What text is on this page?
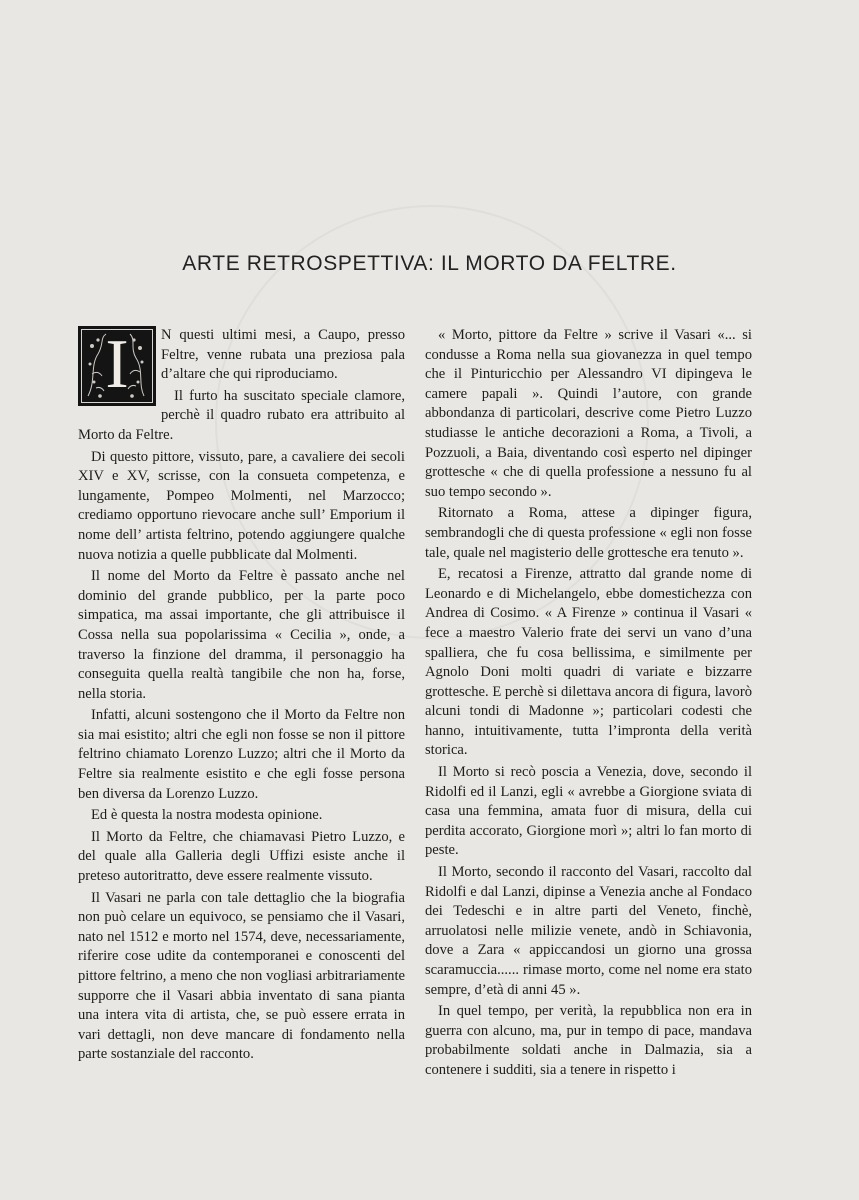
ARTE RETROSPETTIVA: IL MORTO DA FELTRE.
I	N questi ultimi mesi, a Caupo, presso Feltre, venne rubata una preziosa pala d’altare che qui riproduciamo.

Il furto ha suscitato speciale clamore, perchè il quadro rubato era attribuito al Morto da Feltre.

Di questo pittore, vissuto, pare, a cavaliere dei secoli XIV e XV, scrisse, con la consueta competenza, e lungamente, Pompeo Molmenti, nel Marzocco; crediamo opportuno rievocare anche sull’ Emporium il nome dell’ artista feltrino, potendo aggiungere qualche nuova notizia a quelle pubblicate dal Molmenti.

Il nome del Morto da Feltre è passato anche nel dominio del grande pubblico, per la parte poco simpatica, ma assai importante, che gli attribuisce il Cossa nella sua popolarissima « Cecilia », onde, a traverso la finzione del dramma, il personaggio ha conseguita quella realtà tangibile che non ha, forse, nella storia.

Infatti, alcuni sostengono che il Morto da Feltre non sia mai esistito; altri che egli non fosse se non il pittore feltrino chiamato Lorenzo Luzzo; altri che il Morto da Feltre sia realmente esistito e che egli fosse persona ben diversa da Lorenzo Luzzo.

Ed è questa la nostra modesta opinione.

Il Morto da Feltre, che chiamavasi Pietro Luzzo, e del quale alla Galleria degli Uffizi esiste anche il preteso autoritratto, deve essere realmente vissuto.

Il Vasari ne parla con tale dettaglio che la biografia non può celare un equivoco, se pensiamo che il Vasari, nato nel 1512 e morto nel 1574, deve, necessariamente, riferire cose udite da contemporanei e conoscenti del pittore feltrino, a meno che non vogliasi arbitrariamente supporre che il Vasari abbia inventato di sana pianta una intera vita di artista, che, se può essere errata in vari dettagli, non deve mancare di fondamento nella parte sostanziale del racconto.

« Morto, pittore da Feltre » scrive il Vasari «... si condusse a Roma nella sua giovanezza in quel tempo che il Pinturicchio per Alessandro VI dipingeva le camere papali ». Quindi l’autore, con grande abbondanza di particolari, descrive come Pietro Luzzo studiasse le antiche decorazioni a Roma, a Tivoli, a Pozzuoli, a Baia, diventando così esperto nel dipinger grottesche « che di quella professione a nessuno fu al suo tempo secondo ».

Ritornato a Roma, attese a dipinger figura, sembrandogli che di questa professione « egli non fosse tale, quale nel magisterio delle grottesche era tenuto ».

E, recatosi a Firenze, attratto dal grande nome di Leonardo e di Michelangelo, ebbe domestichezza con Andrea di Cosimo. « A Firenze » continua il Vasari « fece a maestro Valerio frate dei servi un vano d’una spalliera, che fu cosa bellissima, e similmente per Agnolo Doni molti quadri di variate e bizzarre grottesche. E perchè si dilettava ancora di figura, lavorò alcuni tondi di Madonne »; particolari codesti che hanno, intuitivamente, tutta l’impronta della verità storica.

Il Morto si recò poscia a Venezia, dove, secondo il Ridolfi ed il Lanzi, egli « avrebbe a Giorgione sviata di casa una femmina, amata fuor di misura, della cui perdita accorato, Giorgione morì »; altri lo fan morto di peste.

Il Morto, secondo il racconto del Vasari, raccolto dal Ridolfi e dal Lanzi, dipinse a Venezia anche al Fondaco dei Tedeschi e in altre parti del Veneto, finchè, arruolatosi nelle milizie venete, andò in Schiavonia, dove a Zara « appiccandosi un giorno una grossa scaramuccia...... rimase morto, come nel nome era stato sempre, d’età di anni 45 ».

In quel tempo, per verità, la repubblica non era in guerra con alcuno, ma, pur in tempo di pace, mandava probabilmente soldati anche in Dalmazia, sia a contenere i sudditi, sia a tenere in rispetto i
